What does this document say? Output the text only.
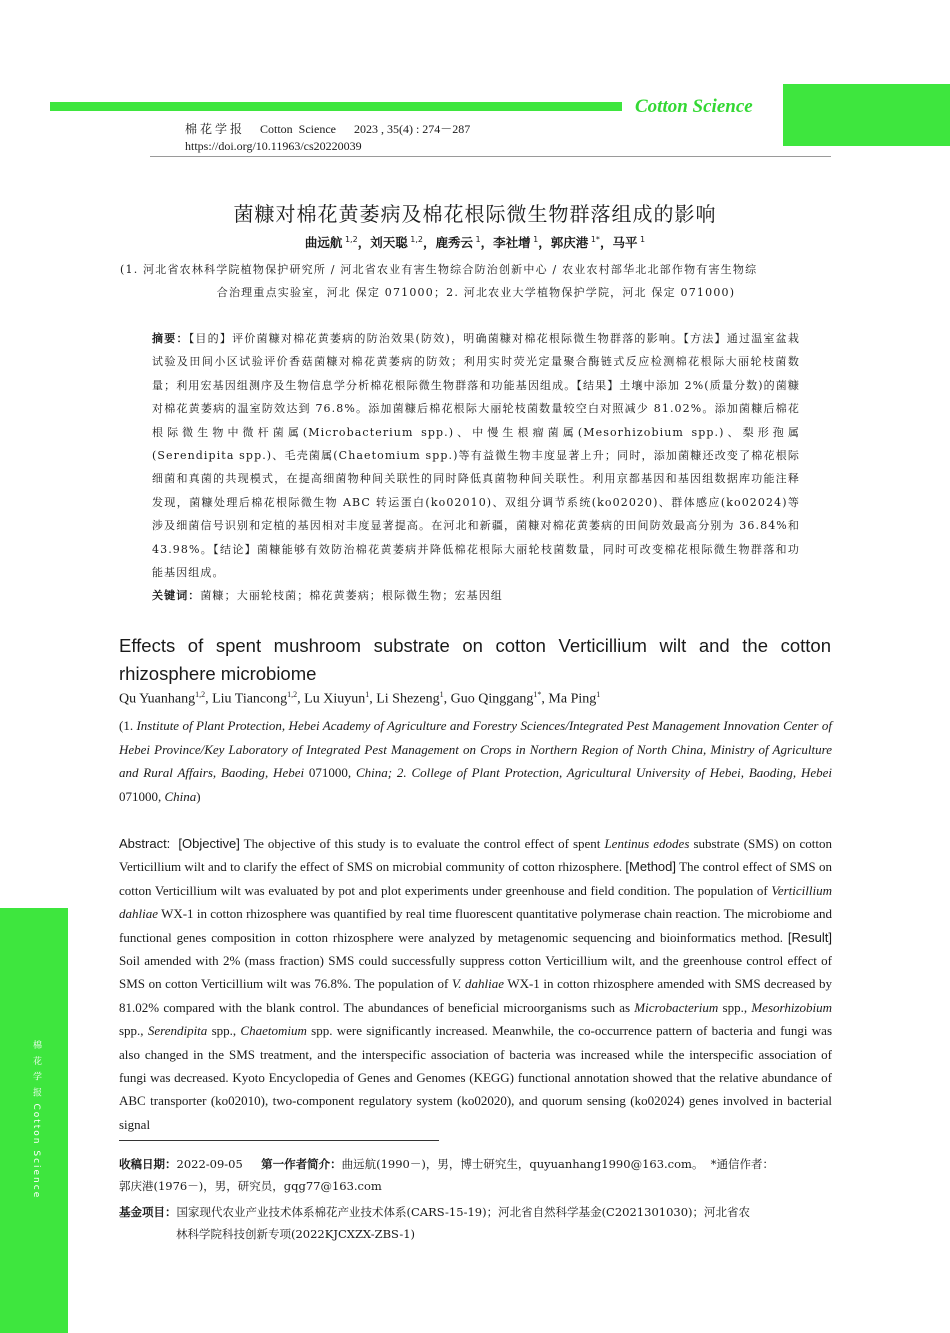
Cotton Science
棉 花 学 报      Cotton  Science      2023 , 35(4) : 274－287
https://doi.org/10.11963/cs20220039
棉 花 学 报 Cotton Science
菌糠对棉花黄萎病及棉花根际微生物群落组成的影响
曲远航 $^{1,2}$，刘天聪 $^{1,2}$，鹿秀云 $^1$，李社增 $^1$，郭庆港 $^{1*}$，马平 $^1$
(1. 河北省农林科学院植物保护研究所 / 河北省农业有害生物综合防治创新中心 / 农业农村部华北北部作物有害生物综
合治理重点实验室，河北 保定 071000；2. 河北农业大学植物保护学院，河北 保定 071000)
摘要：【目的】评价菌糠对棉花黄萎病的防治效果(防效)，明确菌糠对棉花根际微生物群落的影响。【方法】通过温室盆栽试验及田间小区试验评价香菇菌糠对棉花黄萎病的防效；利用实时荧光定量聚合酶链式反应检测棉花根际大丽轮枝菌数量；利用宏基因组测序及生物信息学分析棉花根际微生物群落和功能基因组成。【结果】土壤中添加 2%(质量分数)的菌糠对棉花黄萎病的温室防效达到 76.8%。添加菌糠后棉花根际大丽轮枝菌数量较空白对照减少 81.02%。添加菌糠后棉花根际微生物中微杆菌属(Microbacterium spp.)、中慢生根瘤菌属(Mesorhizobium spp.)、梨形孢属(Serendipita spp.)、毛壳菌属(Chaetomium spp.)等有益微生物丰度显著上升；同时，添加菌糠还改变了棉花根际细菌和真菌的共现模式，在提高细菌物种间关联性的同时降低真菌物种间关联性。利用京都基因和基因组数据库功能注释发现，菌糠处理后棉花根际微生物 ABC 转运蛋白(ko02010)、双组分调节系统(ko02020)、群体感应(ko02024)等涉及细菌信号识别和定植的基因相对丰度显著提高。在河北和新疆，菌糠对棉花黄萎病的田间防效最高分别为 36.84%和 43.98%。【结论】菌糠能够有效防治棉花黄萎病并降低棉花根际大丽轮枝菌数量，同时可改变棉花根际微生物群落和功能基因组成。
关键词：菌糠；大丽轮枝菌；棉花黄萎病；根际微生物；宏基因组
Effects of spent mushroom substrate on cotton Verticillium wilt and the cotton rhizosphere microbiome
Qu Yuanhang$^{1,2}$, Liu Tiancong$^{1,2}$, Lu Xiuyun$^1$, Li Shezeng$^1$, Guo Qinggang$^{1*}$, Ma Ping$^1$
(1. Institute of Plant Protection, Hebei Academy of Agriculture and Forestry Sciences/Integrated Pest Management Innovation Center of Hebei Province/Key Laboratory of Integrated Pest Management on Crops in Northern Region of North China, Ministry of Agriculture and Rural Affairs, Baoding, Hebei 071000, China; 2. College of Plant Protection, Agricultural University of Hebei, Baoding, Hebei 071000, China)
Abstract: [Objective] The objective of this study is to evaluate the control effect of spent Lentinus edodes substrate (SMS) on cotton Verticillium wilt and to clarify the effect of SMS on microbial community of cotton rhizosphere. [Method] The control effect of SMS on cotton Verticillium wilt was evaluated by pot and plot experiments under greenhouse and field condition. The population of Verticillium dahliae WX-1 in cotton rhizosphere was quantified by real time fluorescent quantitative polymerase chain reaction. The microbiome and functional genes composition in cotton rhizosphere were analyzed by metagenomic sequencing and bioinformatics method. [Result] Soil amended with 2% (mass fraction) SMS could successfully suppress cotton Verticillium wilt, and the greenhouse control effect of SMS on cotton Verticillium wilt was 76.8%. The population of V. dahliae WX-1 in cotton rhizosphere amended with SMS decreased by 81.02% compared with the blank control. The abundances of beneficial microorganisms such as Microbacterium spp., Mesorhizobium spp., Serendipita spp., Chaetomium spp. were significantly increased. Meanwhile, the co-occurrence pattern of bacteria and fungi was also changed in the SMS treatment, and the interspecific association of bacteria was increased while the interspecific association of fungi was decreased. Kyoto Encyclopedia of Genes and Genomes (KEGG) functional annotation showed that the relative abundance of ABC transporter (ko02010), two-component regulatory system (ko02020), and quorum sensing (ko02024) genes involved in bacterial signal
收稿日期：2022-09-05 第一作者简介：曲远航(1990－)，男，博士研究生，quyuanhang1990@163.com。 *通信作者：
郭庆港(1976－)，男，研究员，gqg77@163.com

基金项目：国家现代农业产业技术体系棉花产业技术体系(CARS-15-19)；河北省自然科学基金(C2021301030)；河北省农
林科学院科技创新专项(2022KJCXZX-ZBS-1)
